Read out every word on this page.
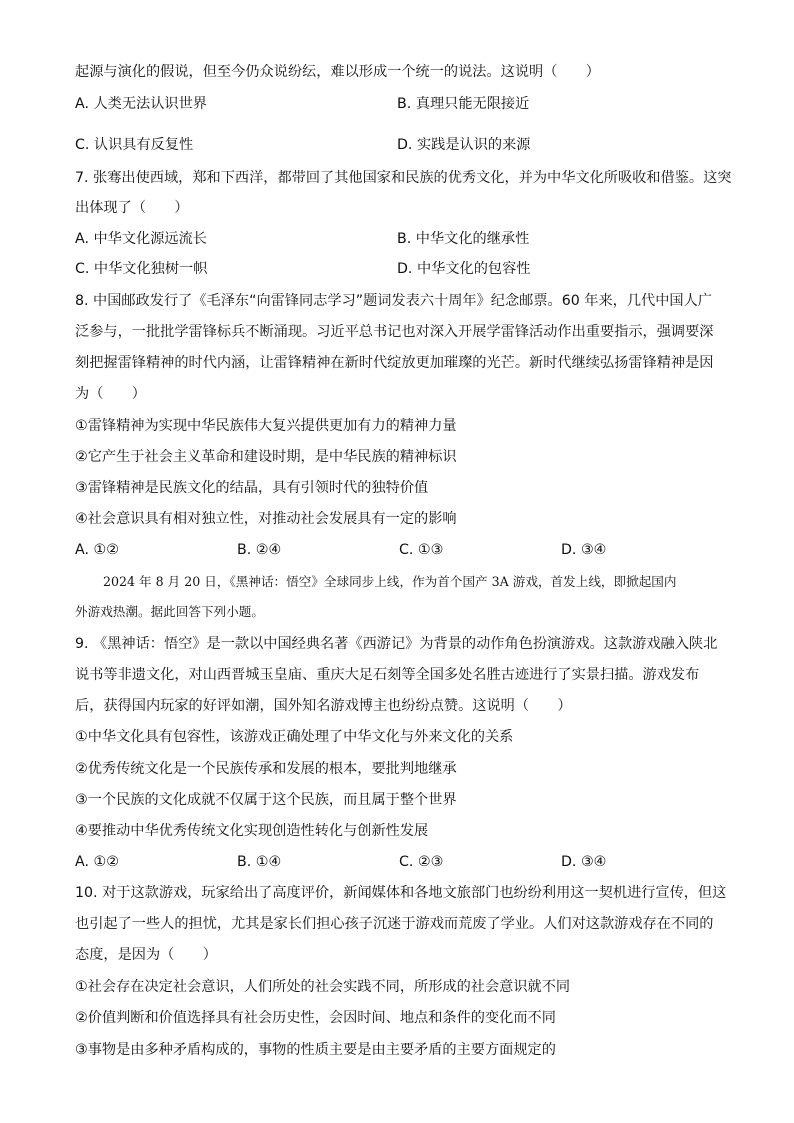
起源与演化的假说，但至今仍众说纷纭，难以形成一个统一的说法。这说明（　　）
A. 人类无法认识世界	B. 真理只能无限接近
C. 认识具有反复性	D. 实践是认识的来源
7. 张骞出使西域，郑和下西洋，都带回了其他国家和民族的优秀文化，并为中华文化所吸收和借鉴。这突
出体现了（　　）
A. 中华文化源远流长	B. 中华文化的继承性
C. 中华文化独树一帜	D. 中华文化的包容性
8. 中国邮政发行了《毛泽东“向雷锋同志学习”题词发表六十周年》纪念邮票。60 年来，几代中国人广
泛参与，一批批学雷锋标兵不断涌现。习近平总书记也对深入开展学雷锋活动作出重要指示，强调要深
刻把握雷锋精神的时代内涵，让雷锋精神在新时代绽放更加璀璨的光芒。新时代继续弘扬雷锋精神是因
为（　　）
①雷锋精神为实现中华民族伟大复兴提供更加有力的精神力量
②它产生于社会主义革命和建设时期，是中华民族的精神标识
③雷锋精神是民族文化的结晶，具有引领时代的独特价值
④社会意识具有相对独立性，对推动社会发展具有一定的影响
A. ①②	B. ②④	C. ①③	D. ③④
2024 年 8 月 20 日，《黑神话：悟空》全球同步上线，作为首个国产 3A 游戏，首发上线，即掀起国内
外游戏热潮。据此回答下列小题。
9. 《黑神话：悟空》是一款以中国经典名著《西游记》为背景的动作角色扮演游戏。这款游戏融入陕北
说书等非遗文化，对山西晋城玉皇庙、重庆大足石刻等全国多处名胜古迹进行了实景扫描。游戏发布
后，获得国内玩家的好评如潮，国外知名游戏博主也纷纷点赞。这说明（　　）
①中华文化具有包容性，该游戏正确处理了中华文化与外来文化的关系
②优秀传统文化是一个民族传承和发展的根本，要批判地继承
③一个民族的文化成就不仅属于这个民族，而且属于整个世界
④要推动中华优秀传统文化实现创造性转化与创新性发展
A. ①②	B. ①④	C. ②③	D. ③④
10. 对于这款游戏，玩家给出了高度评价，新闻媒体和各地文旅部门也纷纷利用这一契机进行宣传，但这
也引起了一些人的担忧，尤其是家长们担心孩子沉迷于游戏而荒废了学业。人们对这款游戏存在不同的
态度，是因为（　　）
①社会存在决定社会意识，人们所处的社会实践不同，所形成的社会意识就不同
②价值判断和价值选择具有社会历史性，会因时间、地点和条件的变化而不同
③事物是由多种矛盾构成的，事物的性质主要是由主要矛盾的主要方面规定的
